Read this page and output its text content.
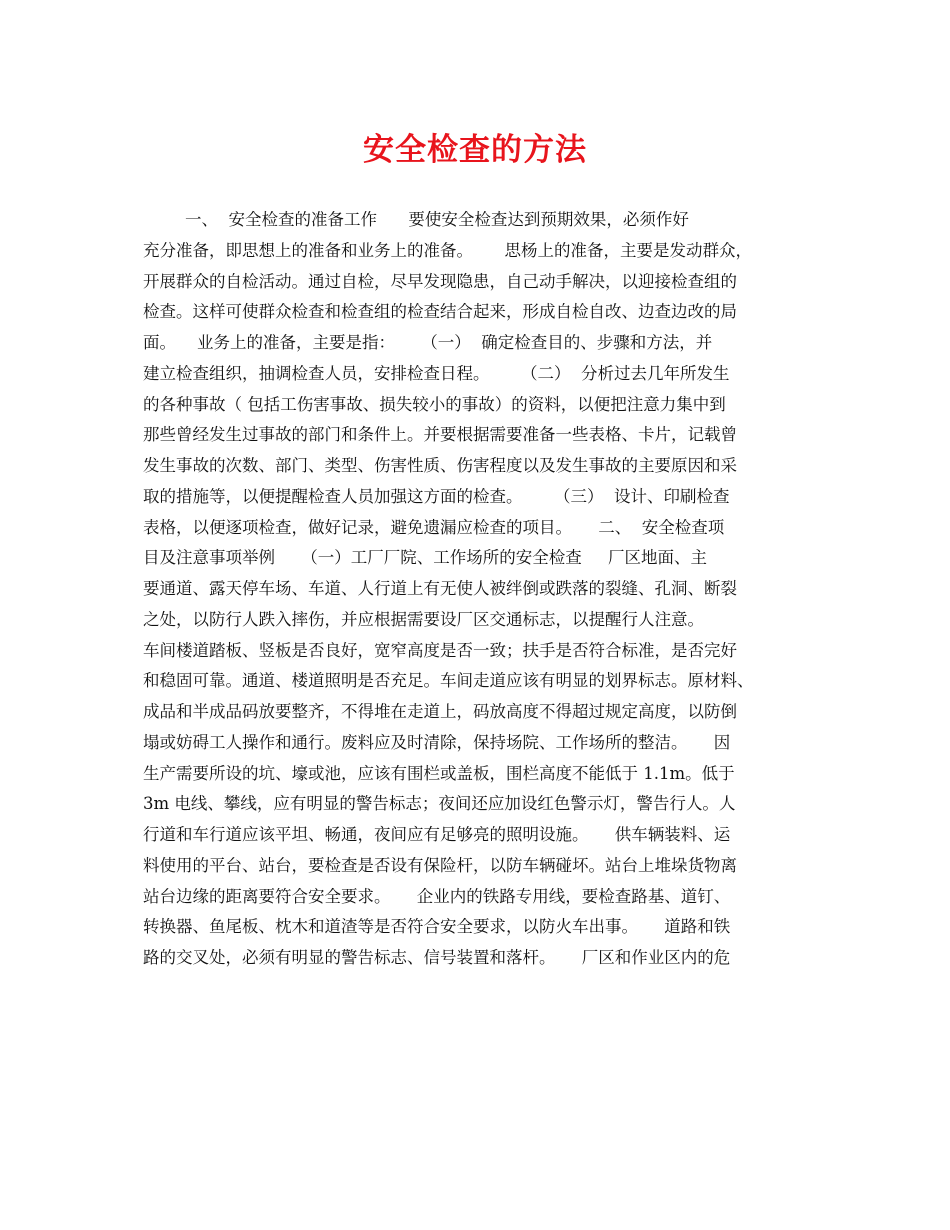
安全检查的方法
一、  安全检查的准备工作      要使安全检查达到预期效果，必须作好
充分准备，即思想上的准备和业务上的准备。      思杨上的准备，主要是发动群众，
开展群众的自检活动。通过自检，尽早发现隐患，自己动手解决，以迎接检查组的
检查。这样可使群众检查和检查组的检查结合起来，形成自检自改、边查边改的局
面。    业务上的准备，主要是指：     （一）  确定检查目的、步骤和方法，并
建立检查组织，抽调检查人员，安排检查日程。      （二）  分析过去几年所发生
的各种事故（ 包括工伤害事故、损失较小的事故）的资料，以便把注意力集中到
那些曾经发生过事故的部门和条件上。并要根据需要准备一些表格、卡片，记载曾
发生事故的次数、部门、类型、伤害性质、伤害程度以及发生事故的主要原因和采
取的措施等，以便提醒检查人员加强这方面的检查。      （三）  设计、印刷检查
表格，以便逐项检查，做好记录，避免遗漏应检查的项目。     二、  安全检查项
目及注意事项举例     （一）工厂厂院、工作场所的安全检查     厂区地面、主
要通道、露天停车场、车道、人行道上有无使人被绊倒或跌落的裂缝、孔洞、断裂
之处，以防行人跌入摔伤，并应根据需要设厂区交通标志，以提醒行人注意。
车间楼道踏板、竖板是否良好，宽窄高度是否一致；扶手是否符合标准，是否完好
和稳固可靠。通道、楼道照明是否充足。车间走道应该有明显的划界标志。原材料、
成品和半成品码放要整齐，不得堆在走道上，码放高度不得超过规定高度，以防倒
塌或妨碍工人操作和通行。废料应及时清除，保持场院、工作场所的整洁。     因
生产需要所设的坑、壕或池，应该有围栏或盖板，围栏高度不能低于 1.1m。低于
3m 电线、攀线，应有明显的警告标志；夜间还应加设红色警示灯，警告行人。人
行道和车行道应该平坦、畅通，夜间应有足够亮的照明设施。     供车辆装料、运
料使用的平台、站台，要检查是否设有保险杆，以防车辆碰坏。站台上堆垛货物离
站台边缘的距离要符合安全要求。     企业内的铁路专用线，要检查路基、道钉、
转换器、鱼尾板、枕木和道渣等是否符合安全要求，以防火车出事。     道路和铁
路的交叉处，必须有明显的警告标志、信号装置和落杆。     厂区和作业区内的危
